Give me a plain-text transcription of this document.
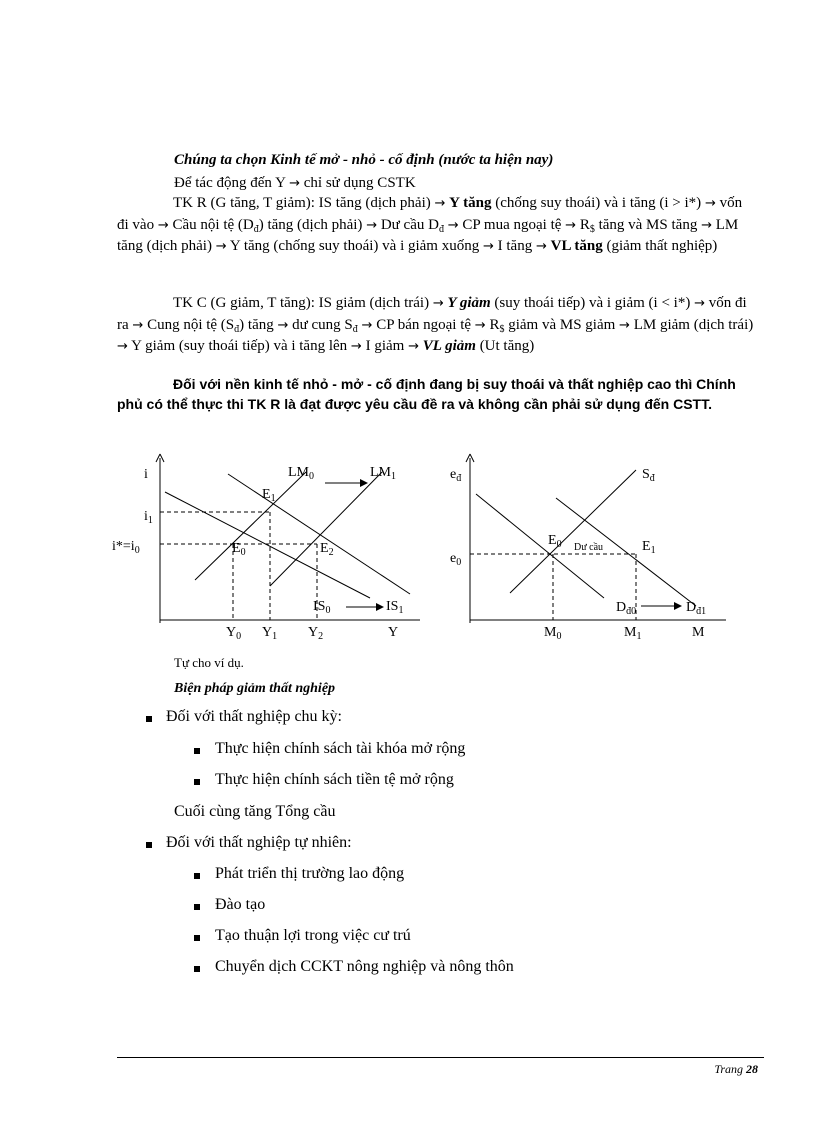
Chúng ta chọn Kinh tế mở - nhỏ - cố định (nước ta hiện nay)
Để tác động đến Y → chỉ sử dụng CSTK
TK R (G tăng, T giảm): IS tăng (dịch phải) → Y tăng (chống suy thoái) và i tăng (i > i*) → vốn đi vào → Cầu nội tệ $(D_đ)$ tăng (dịch phải) → Dư cầu $D_đ$ → CP mua ngoại tệ → $R_{\$}$ tăng và MS tăng → LM tăng (dịch phải) → Y tăng (chống suy thoái) và i giảm xuống → I tăng → VL tăng (giảm thất nghiệp)
TK C (G giảm, T tăng): IS giảm (dịch trái) → Y giảm (suy thoái tiếp) và i giảm (i < i*) → vốn đi ra → Cung nội tệ $(S_đ)$ tăng → dư cung $S_đ$ → CP bán ngoại tệ → $R_{\$}$ giảm và MS giảm → LM giảm (dịch trái) → Y giảm (suy thoái tiếp) và i tăng lên → I giảm → VL giảm (Ut tăng)
Đối với nền kinh tế nhỏ - mở - cố định đang bị suy thoái và thất nghiệp cao thì Chính phủ có thể thực thi TK R là đạt được yêu cầu đề ra và không cần phải sử dụng đến CSTT.
i
Y
$LM_0$	$LM_1$
$E_1$
$E_0$	$E_2$
$i_1$
$i*=i_0$
$IS_0$	$IS_1$
$Y_0$ $Y_1$ $Y_2$
$e_đ$
M
$S_đ$
$E_0$	$E_1$
$e_0$
Dư cầu
$D_{đ0}$	$D_{đ1}$
$M_0$	$M_1$
Tự cho ví dụ.
Biện pháp giảm thất nghiệp
Đối với thất nghiệp chu kỳ:
Thực hiện chính sách tài khóa mở rộng
Thực hiện chính sách tiền tệ mở rộng
Cuối cùng tăng Tổng cầu
Đối với thất nghiệp tự nhiên:
Phát triển thị trường lao động
Đào tạo
Tạo thuận lợi trong việc cư trú
Chuyển dịch CCKT nông nghiệp và nông thôn
Trang 28
